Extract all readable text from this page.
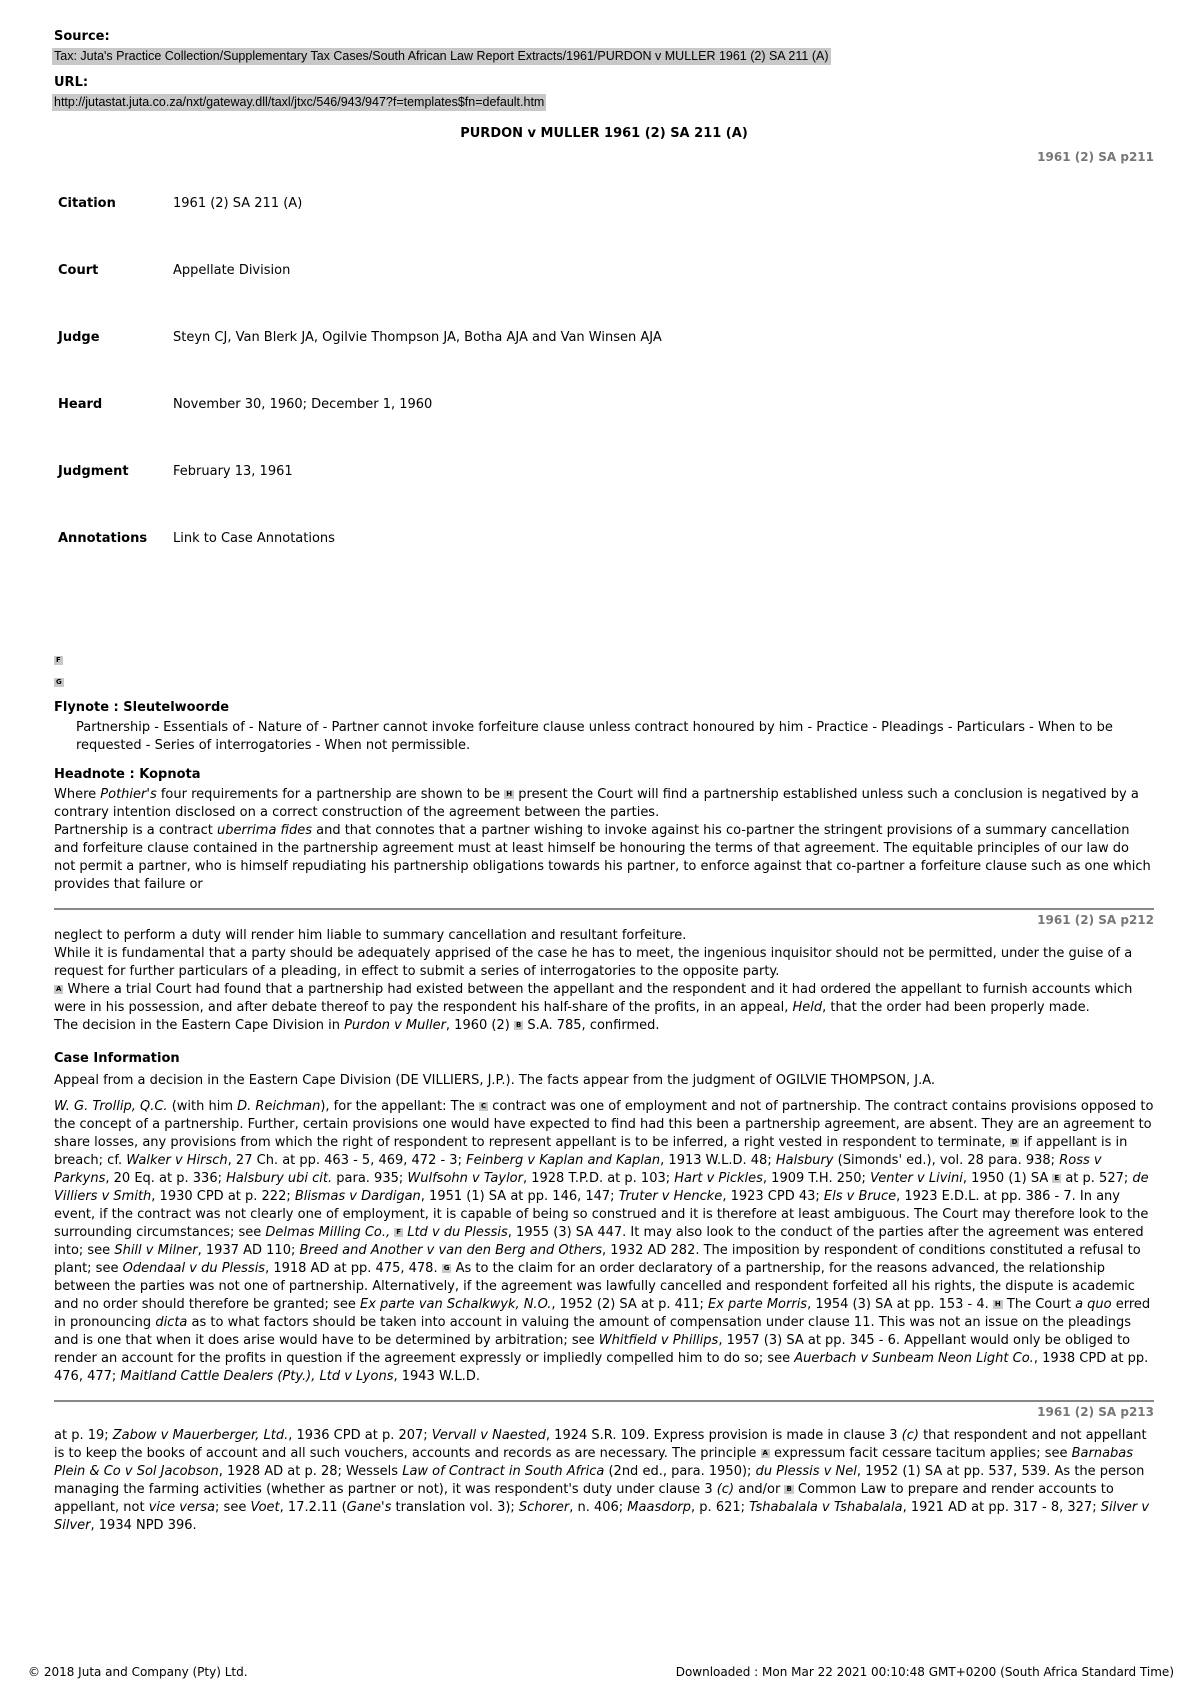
Source:
Tax: Juta's Practice Collection/Supplementary Tax Cases/South African Law Report Extracts/1961/PURDON v MULLER 1961 (2) SA 211 (A)
URL:
http://jutastat.juta.co.za/nxt/gateway.dll/taxl/jtxc/546/943/947?f=templates$fn=default.htm
PURDON v MULLER 1961 (2) SA 211 (A)
1961 (2) SA p211
Citation	1961 (2) SA 211 (A)
Court	Appellate Division
Judge	Steyn CJ, Van Blerk JA, Ogilvie Thompson JA, Botha AJA and Van Winsen AJA
Heard	November 30, 1960; December 1, 1960
Judgment	February 13, 1961
Annotations	Link to Case Annotations
F
G
Flynote : Sleutelwoorde
Partnership - Essentials of - Nature of - Partner cannot invoke forfeiture clause unless contract honoured by him - Practice - Pleadings - Particulars - When to be requested - Series of interrogatories - When not permissible.
Headnote : Kopnota
Where Pothier's four requirements for a partnership are shown to be H present the Court will find a partnership established unless such a conclusion is negatived by a contrary intention disclosed on a correct construction of the agreement between the parties.
Partnership is a contract uberrima fides and that connotes that a partner wishing to invoke against his co-partner the stringent provisions of a summary cancellation and forfeiture clause contained in the partnership agreement must at least himself be honouring the terms of that agreement. The equitable principles of our law do not permit a partner, who is himself repudiating his partnership obligations towards his partner, to enforce against that co-partner a forfeiture clause such as one which provides that failure or
1961 (2) SA p212
neglect to perform a duty will render him liable to summary cancellation and resultant forfeiture.
While it is fundamental that a party should be adequately apprised of the case he has to meet, the ingenious inquisitor should not be permitted, under the guise of a request for further particulars of a pleading, in effect to submit a series of interrogatories to the opposite party.
A Where a trial Court had found that a partnership had existed between the appellant and the respondent and it had ordered the appellant to furnish accounts which were in his possession, and after debate thereof to pay the respondent his half-share of the profits, in an appeal, Held, that the order had been properly made.
The decision in the Eastern Cape Division in Purdon v Muller, 1960 (2) B S.A. 785, confirmed.
Case Information
Appeal from a decision in the Eastern Cape Division (DE VILLIERS, J.P.). The facts appear from the judgment of OGILVIE THOMPSON, J.A.
W. G. Trollip, Q.C. (with him D. Reichman), for the appellant: The C contract was one of employment and not of partnership. The contract contains provisions opposed to the concept of a partnership. Further, certain provisions one would have expected to find had this been a partnership agreement, are absent. They are an agreement to share losses, any provisions from which the right of respondent to represent appellant is to be inferred, a right vested in respondent to terminate, D if appellant is in breach; cf. Walker v Hirsch, 27 Ch. at pp. 463 - 5, 469, 472 - 3; Feinberg v Kaplan and Kaplan, 1913 W.L.D. 48; Halsbury (Simonds' ed.), vol. 28 para. 938; Ross v Parkyns, 20 Eq. at p. 336; Halsbury ubi cit. para. 935; Wulfsohn v Taylor, 1928 T.P.D. at p. 103; Hart v Pickles, 1909 T.H. 250; Venter v Livini, 1950 (1) SA E at p. 527; de Villiers v Smith, 1930 CPD at p. 222; Blismas v Dardigan, 1951 (1) SA at pp. 146, 147; Truter v Hencke, 1923 CPD 43; Els v Bruce, 1923 E.D.L. at pp. 386 - 7. In any event, if the contract was not clearly one of employment, it is capable of being so construed and it is therefore at least ambiguous. The Court may therefore look to the surrounding circumstances; see Delmas Milling Co., F Ltd v du Plessis, 1955 (3) SA 447. It may also look to the conduct of the parties after the agreement was entered into; see Shill v Milner, 1937 AD 110; Breed and Another v van den Berg and Others, 1932 AD 282. The imposition by respondent of conditions constituted a refusal to plant; see Odendaal v du Plessis, 1918 AD at pp. 475, 478. G As to the claim for an order declaratory of a partnership, for the reasons advanced, the relationship between the parties was not one of partnership. Alternatively, if the agreement was lawfully cancelled and respondent forfeited all his rights, the dispute is academic and no order should therefore be granted; see Ex parte van Schalkwyk, N.O., 1952 (2) SA at p. 411; Ex parte Morris, 1954 (3) SA at pp. 153 - 4. H The Court a quo erred in pronouncing dicta as to what factors should be taken into account in valuing the amount of compensation under clause 11. This was not an issue on the pleadings and is one that when it does arise would have to be determined by arbitration; see Whitfield v Phillips, 1957 (3) SA at pp. 345 - 6. Appellant would only be obliged to render an account for the profits in question if the agreement expressly or impliedly compelled him to do so; see Auerbach v Sunbeam Neon Light Co., 1938 CPD at pp. 476, 477; Maitland Cattle Dealers (Pty.), Ltd v Lyons, 1943 W.L.D.
1961 (2) SA p213
at p. 19; Zabow v Mauerberger, Ltd., 1936 CPD at p. 207; Vervall v Naested, 1924 S.R. 109. Express provision is made in clause 3 (c) that respondent and not appellant is to keep the books of account and all such vouchers, accounts and records as are necessary. The principle A expressum facit cessare tacitum applies; see Barnabas Plein & Co v Sol Jacobson, 1928 AD at p. 28; Wessels Law of Contract in South Africa (2nd ed., para. 1950); du Plessis v Nel, 1952 (1) SA at pp. 537, 539. As the person managing the farming activities (whether as partner or not), it was respondent's duty under clause 3 (c) and/or B Common Law to prepare and render accounts to appellant, not vice versa; see Voet, 17.2.11 (Gane's translation vol. 3); Schorer, n. 406; Maasdorp, p. 621; Tshabalala v Tshabalala, 1921 AD at pp. 317 - 8, 327; Silver v Silver, 1934 NPD 396.
© 2018 Juta and Company (Pty) Ltd.	Downloaded : Mon Mar 22 2021 00:10:48 GMT+0200 (South Africa Standard Time)
